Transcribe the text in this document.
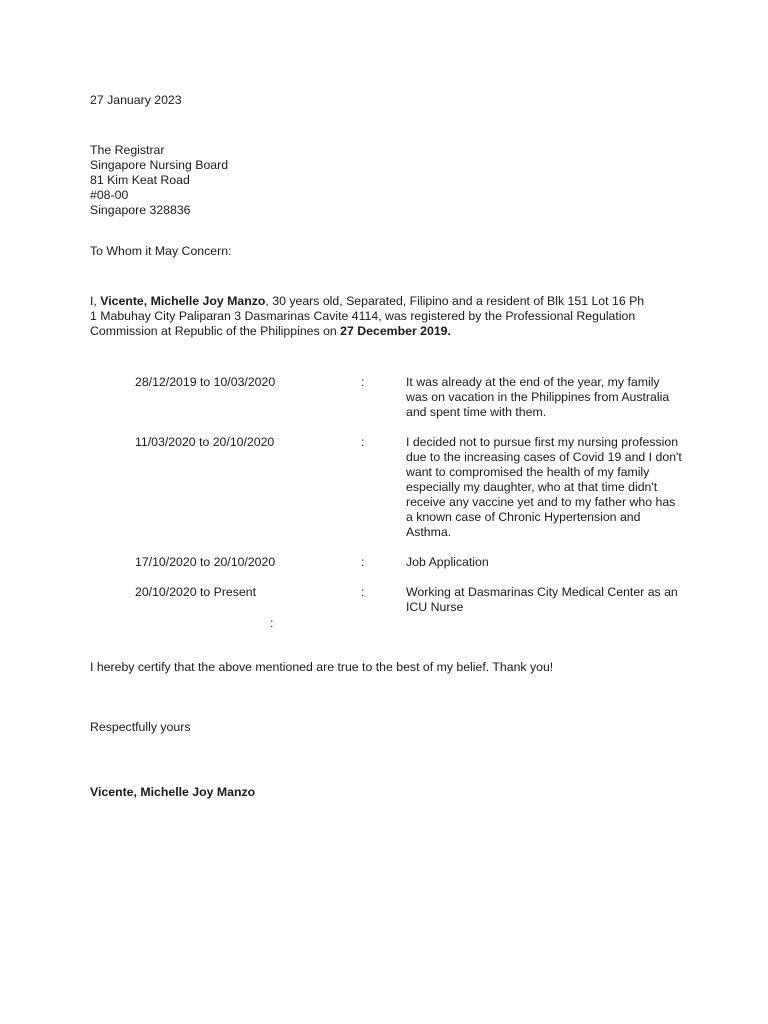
27 January 2023
The Registrar
Singapore Nursing Board
81 Kim Keat Road
#08-00
Singapore 328836
To Whom it May Concern:

I, Vicente, Michelle Joy Manzo, 30 years old, Separated, Filipino and a resident of Blk 151 Lot 16 Ph 1 Mabuhay City Paliparan 3 Dasmarinas Cavite 4114, was registered by the Professional Regulation Commission at Republic of the Philippines on 27 December 2019.

28/12/2019 to 10/03/2020	:	It was already at the end of the year, my family was on vacation in the Philippines from Australia and spent time with them.
11/03/2020 to 20/10/2020	:	I decided not to pursue first my nursing profession due to the increasing cases of Covid 19 and I don't want to compromised the health of my family especially my daughter, who at that time didn't receive any vaccine yet and to my father who has a known case of Chronic Hypertension and Asthma.
17/10/2020 to 20/10/2020	:	Job Application
20/10/2020 to Present	:	Working at Dasmarinas City Medical Center as an ICU Nurse
:
I hereby certify that the above mentioned are true to the best of my belief. Thank you!
Respectfully yours
Vicente, Michelle Joy Manzo
